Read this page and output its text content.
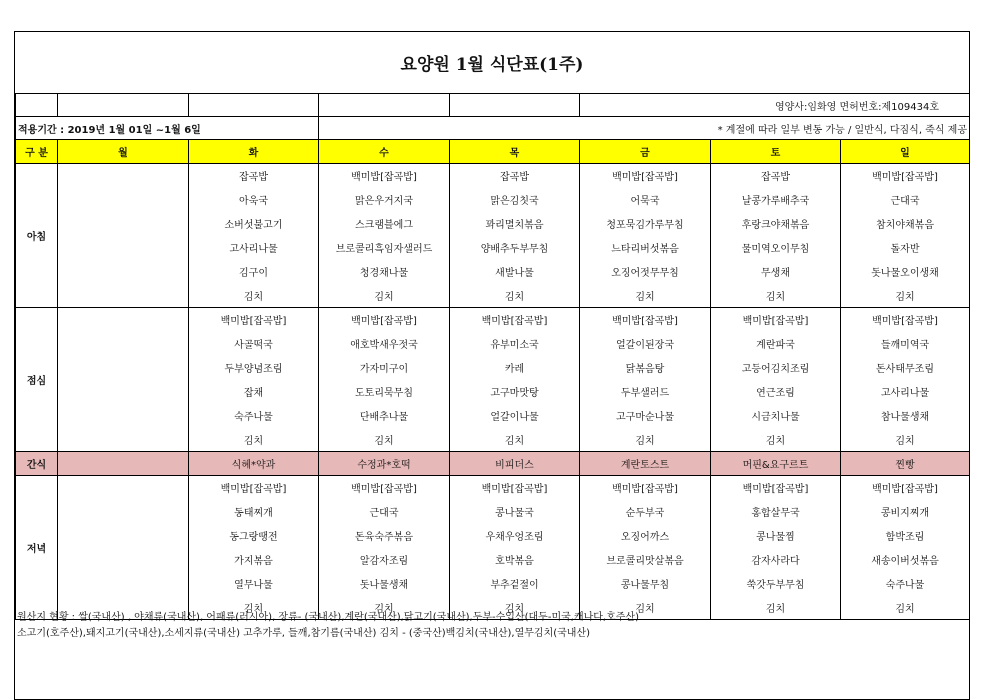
요양원 1월 식단표(1주)
					영양사:임화영 면허번호:제109434호		
적용기간 : 2019년 1월 01일 ~1월 6일			* 계절에 따라 일부 변동 가능 / 일반식, 다짐식, 죽식 제공				
구 분	월	화	수	목	금	토	일
아침		잡곡밥	백미밥[잡곡밥]	잡곡밥	백미밥[잡곡밥]	잡곡밥	백미밥[잡곡밥]
		아욱국	맑은우거지국	맑은김칫국	어묵국	날콩가루배추국	근대국
		소버섯불고기	스크램블에그	꽈리멸치볶음	청포묵김가루무침	후랑크야채볶음	참치야채볶음
		고사리나물	브로콜리흑임자샐러드	양배추두부무침	느타리버섯볶음	물미역오이무침	돌자반
		김구이	청경채나물	새발나물	오징어젓무무침	무생채	돗나물오이생채
		김치	김치	김치	김치	김치	김치
점심		백미밥[잡곡밥]	백미밥[잡곡밥]	백미밥[잡곡밥]	백미밥[잡곡밥]	백미밥[잡곡밥]	백미밥[잡곡밥]
		사골떡국	애호박새우젓국	유부미소국	얼갈이된장국	계란파국	들깨미역국
		두부양념조림	가자미구이	카레	닭볶음탕	고등어김치조림	돈사태무조림
		잡채	도토리묵무침	고구마맛탕	두부샐러드	연근조림	고사리나물
		숙주나물	단배추나물	얼갈이나물	고구마순나물	시금치나물	참나물생채
		김치	김치	김치	김치	김치	김치
간식		식혜*약과	수정과*호떡	비피더스	계란토스트	머핀&요구르트	찐빵
저녁		백미밥[잡곡밥]	백미밥[잡곡밥]	백미밥[잡곡밥]	백미밥[잡곡밥]	백미밥[잡곡밥]	백미밥[잡곡밥]
		동태찌개	근대국	콩나물국	순두부국	홍합살무국	콩비지찌개
		동그랑땡전	돈육숙주볶음	우채우엉조림	오징어까스	콩나물찜	함박조림
		가지볶음	알감자조림	호박볶음	브로콜리맛살볶음	감자사라다	새송이버섯볶음
		열무나물	돗나물생채	부추겉절이	콩나물무침	쑥갓두부무침	숙주나물
		김치	김치	김치	김치	김치	김치
원산지 현황 : 쌀(국내산) , 야채류(국내산), 어패류(러시아), 장류- (국내산),계란(국내산),닭고기(국내산),두부-수입산(대두-미국,캐나다,호주산)
소고기(호주산),돼지고기(국내산),소세지류(국내산) 고추가루, 들깨,참기름(국내산) 김치 - (중국산)백김치(국내산),열무김치(국내산)
